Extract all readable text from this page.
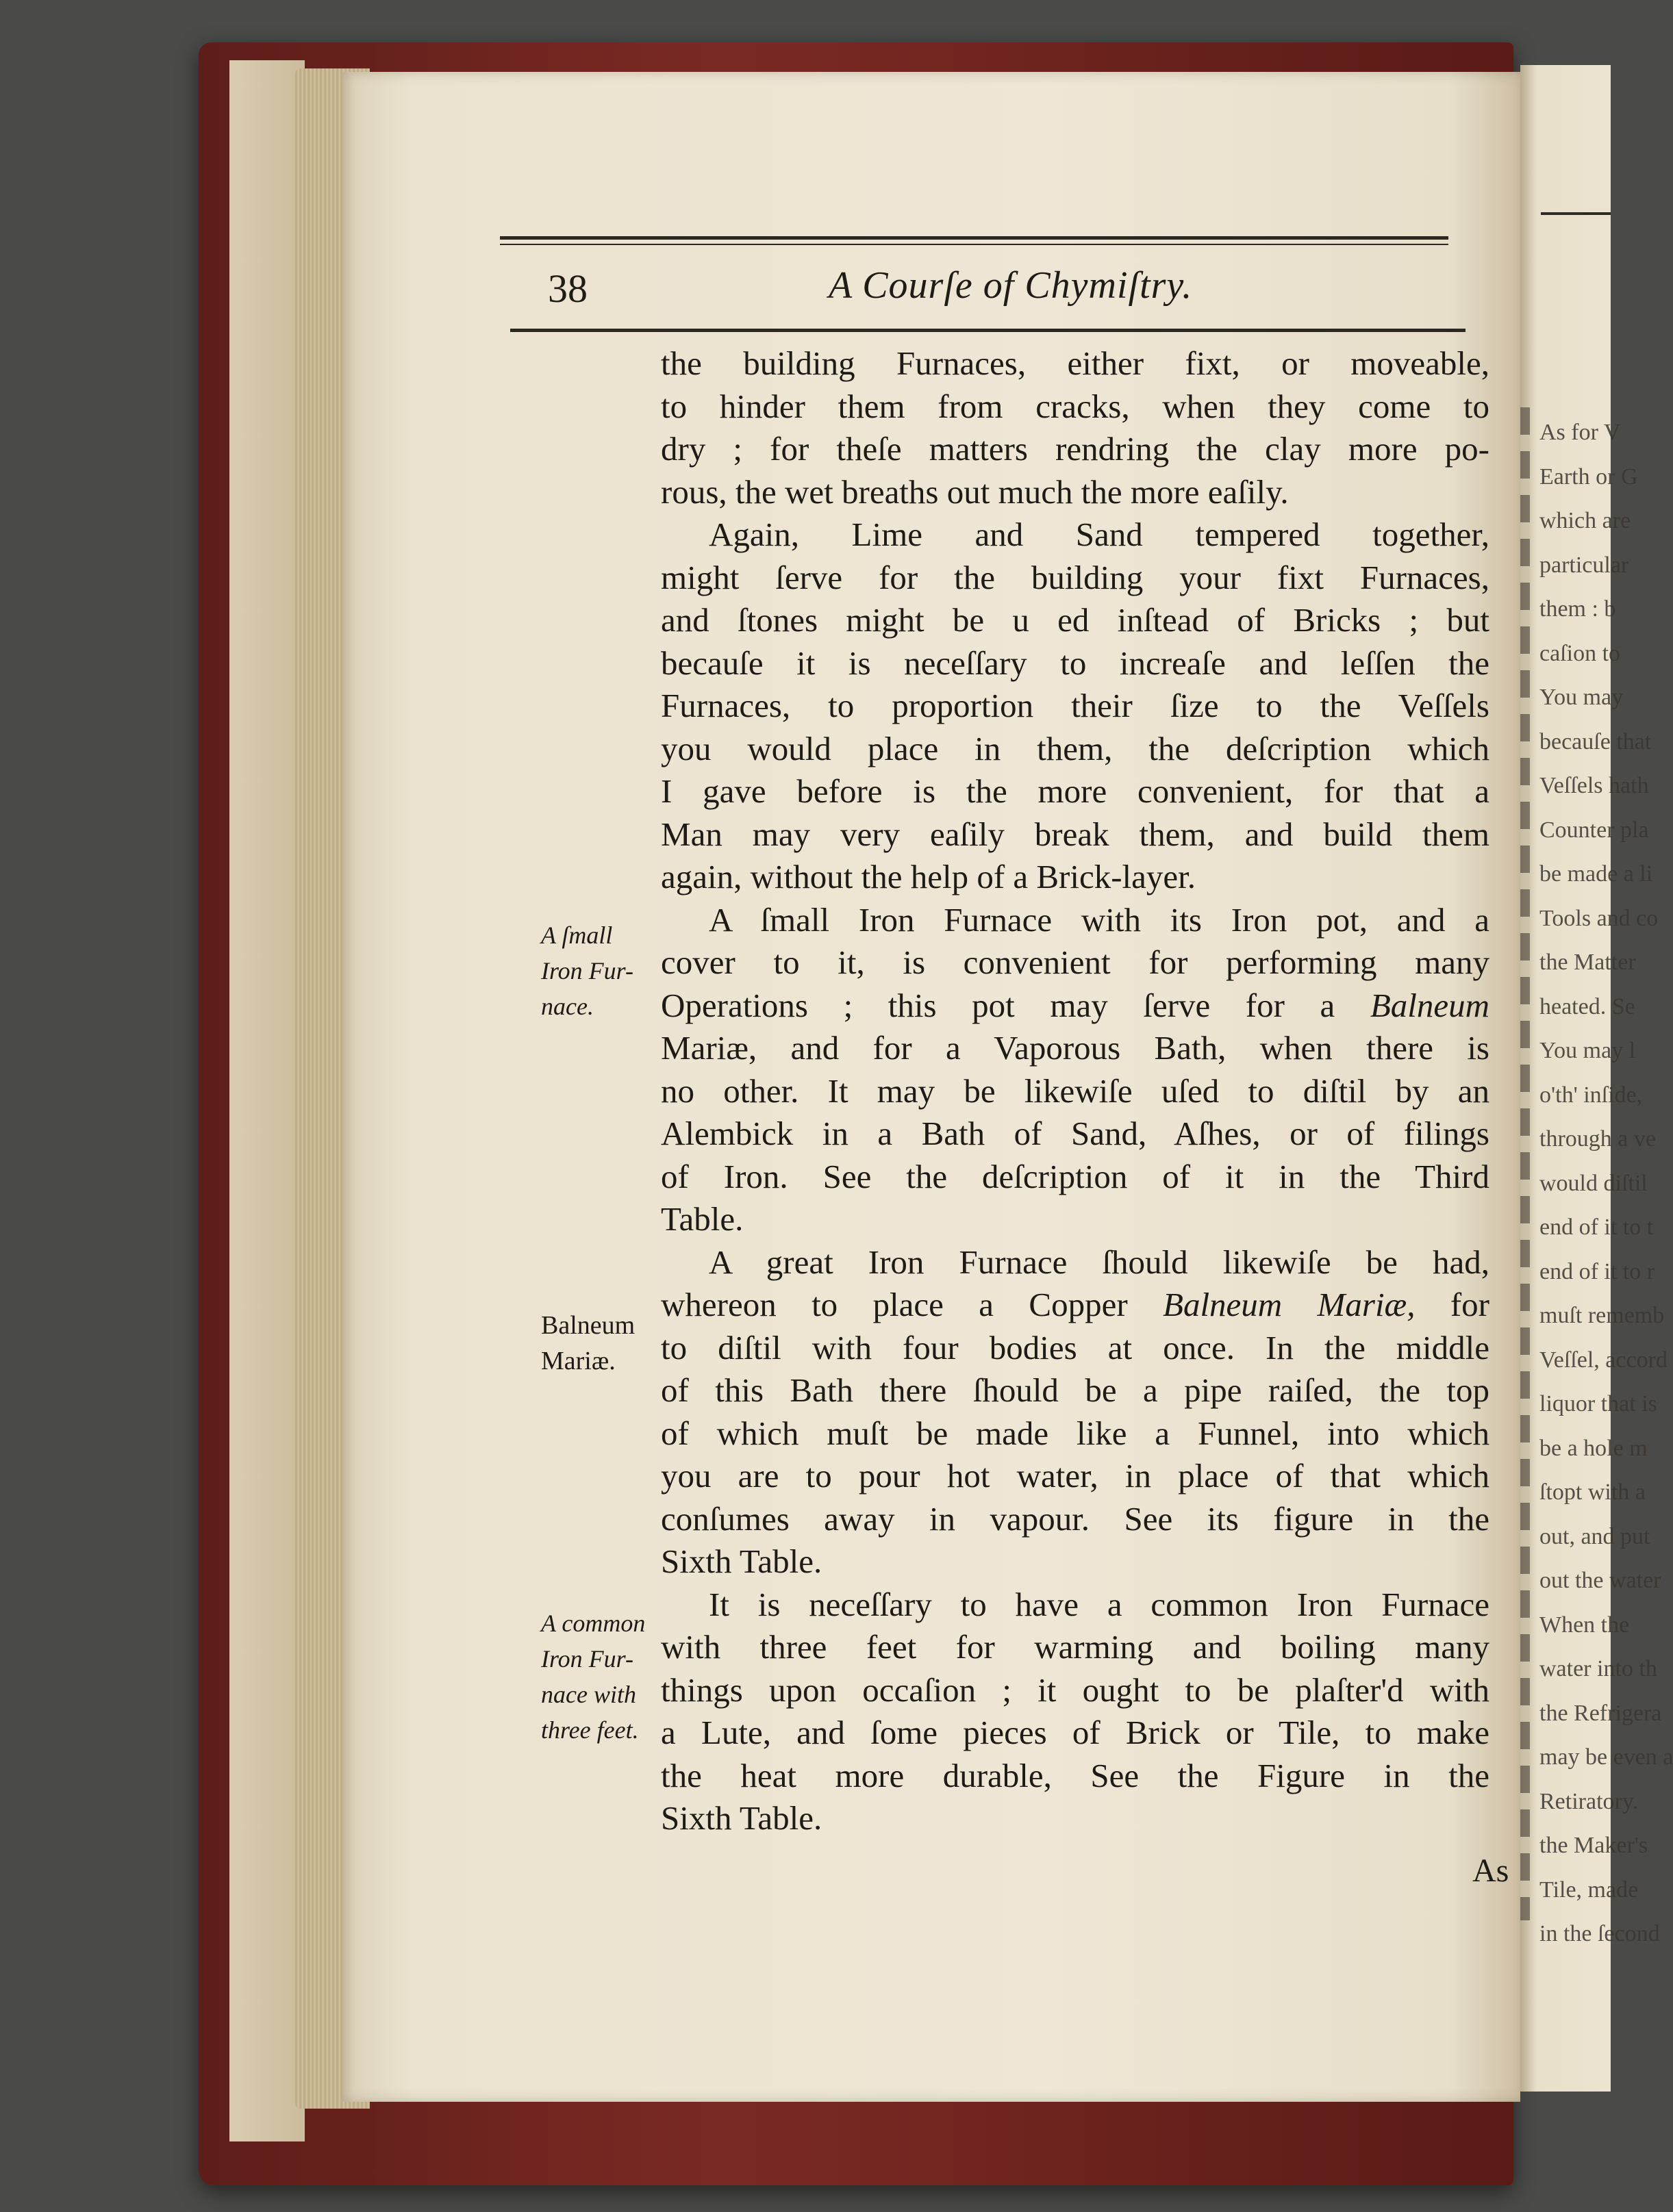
As for V
Earth or G
which are
particular
them : b
caſion to
You may
becauſe that
Veſſels hath
Counter pla
be made a li
Tools and co
the Matter
heated. Se
You may l
o'th' inſide,
through a ve
would diſtil
end of it to t
end of it to r
muſt rememb
Veſſel, accord
liquor that is
be a hole m
ſtopt with a
out, and put
out the water
When the
water into th
the Refrigera
may be even a
Retiratory.
the Maker's
Tile, made
in the ſecond

38	A Courſe of Chymiſtry.
the building Furnaces, either fixt, or moveable,
to hinder them from cracks, when they come to
dry ; for theſe matters rendring the clay more po-
rous, the wet breaths out much the more eaſily.
Again, Lime and Sand tempered together,
might ſerve for the building your fixt Furnaces,
and ſtones might be u ed inſtead of Bricks ; but
becauſe it is neceſſary to increaſe and leſſen the
Furnaces, to proportion their ſize to the Veſſels
you would place in them, the deſcription which
I gave before is the more convenient, for that a
Man may very eaſily break them, and build them
again, without the help of a Brick-layer.
A ſmall Iron Furnace with its Iron pot, and a
cover to it, is convenient for performing many
Operations ; this pot may ſerve for a Balneum
Mariæ, and for a Vaporous Bath, when there is
no other. It may be likewiſe uſed to diſtil by an
Alembick in a Bath of Sand, Aſhes, or of filings
of Iron. See the deſcription of it in the Third
Table.
A great Iron Furnace ſhould likewiſe be had,
whereon to place a Copper Balneum Mariæ, for
to diſtil with four bodies at once. In the middle
of this Bath there ſhould be a pipe raiſed, the top
of which muſt be made like a Funnel, into which
you are to pour hot water, in place of that which
conſumes away in vapour. See its figure in the
Sixth Table.
It is neceſſary to have a common Iron Furnace
with three feet for warming and boiling many
things upon occaſion ; it ought to be plaſter'd with
a Lute, and ſome pieces of Brick or Tile, to make
the heat more durable, See the Figure in the
Sixth Table.
A ſmall
Iron Fur-
nace.
Balneum
Mariæ.
A common
Iron Fur-
nace with
three feet.
As
